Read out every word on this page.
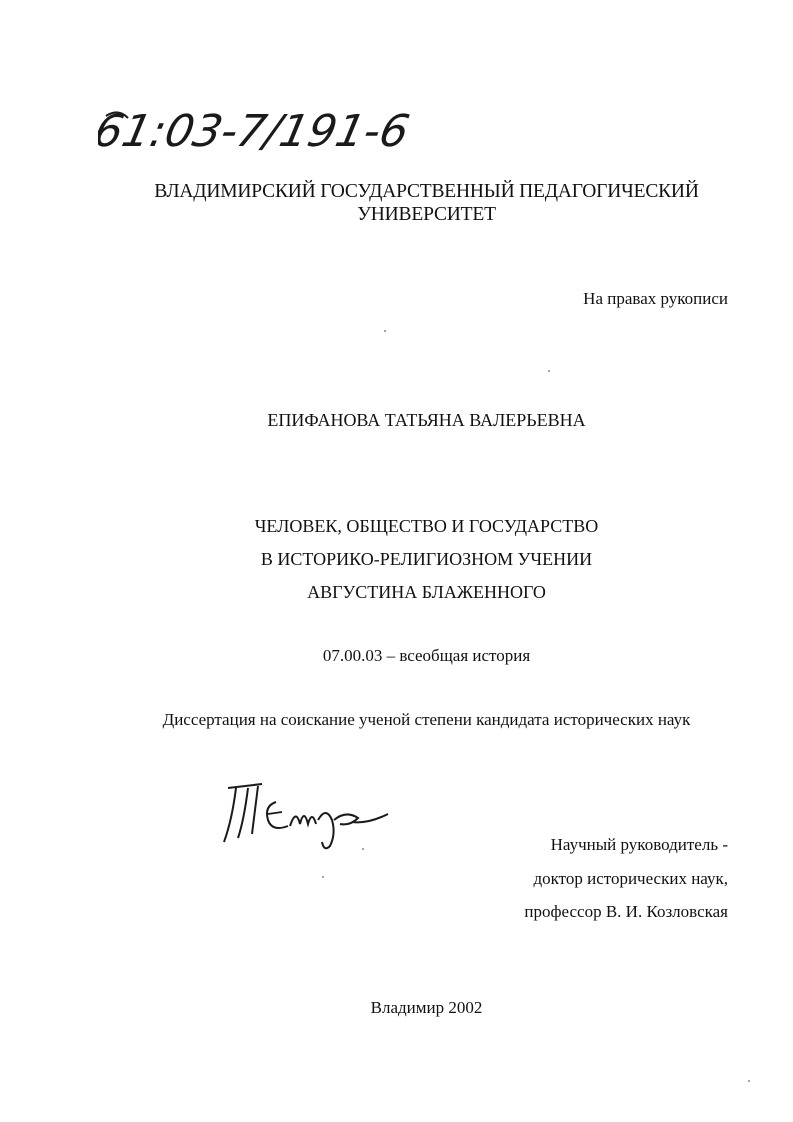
61:03-7/191-6
ВЛАДИМИРСКИЙ ГОСУДАРСТВЕННЫЙ ПЕДАГОГИЧЕСКИЙ
УНИВЕРСИТЕТ
На правах рукописи
ЕПИФАНОВА ТАТЬЯНА ВАЛЕРЬЕВНА
ЧЕЛОВЕК, ОБЩЕСТВО И ГОСУДАРСТВО
В ИСТОРИКО-РЕЛИГИОЗНОМ УЧЕНИИ
АВГУСТИНА БЛАЖЕННОГО
07.00.03 – всеобщая история
Диссертация на соискание ученой степени кандидата исторических наук
Научный руководитель -
доктор исторических наук,
профессор В. И. Козловская
Владимир 2002
